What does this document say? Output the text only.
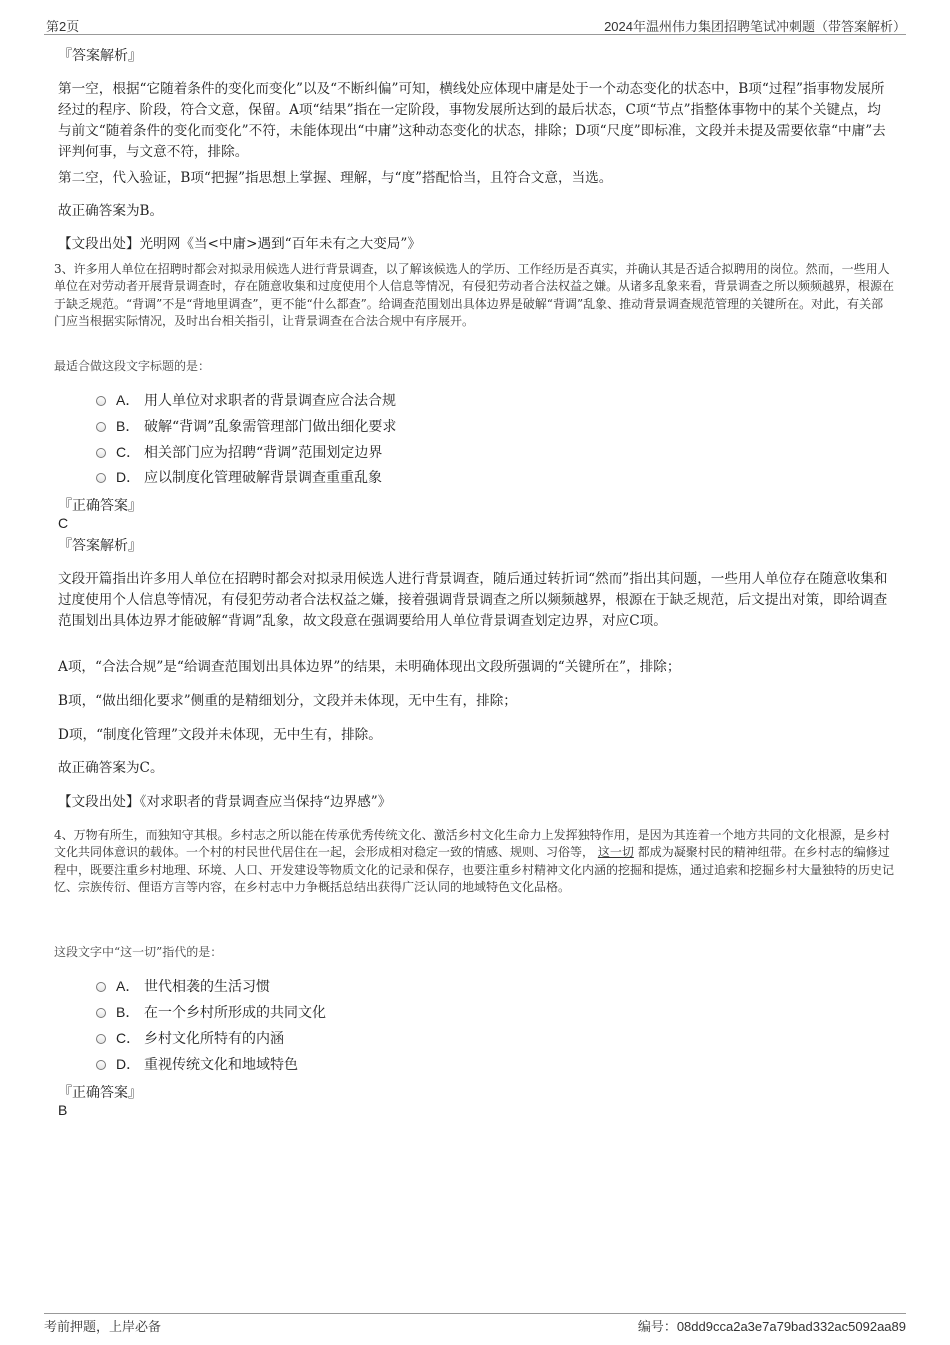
第2页	2024年温州伟力集团招聘笔试冲刺题（带答案解析）
『答案解析』

第一空，根据“它随着条件的变化而变化”以及“不断纠偏”可知，横线处应体现中庸是处于一个动态变化的状态中，B项“过程”指事物发展所经过的程序、阶段，符合文意，保留。A项“结果”指在一定阶段，事物发展所达到的最后状态，C项“节点”指整体事物中的某个关键点，均与前文“随着条件的变化而变化”不符，未能体现出“中庸”这种动态变化的状态，排除；D项“尺度”即标准，文段并未提及需要依靠“中庸”去评判何事，与文意不符，排除。

第二空，代入验证，B项“把握”指思想上掌握、理解，与“度”搭配恰当，且符合文意，当选。

故正确答案为B。

【文段出处】光明网《当<中庸>遇到“百年未有之大变局”》

3、许多用人单位在招聘时都会对拟录用候选人进行背景调查，以了解该候选人的学历、工作经历是否真实，并确认其是否适合拟聘用的岗位。然而，一些用人单位在对劳动者开展背景调查时，存在随意收集和过度使用个人信息等情况，有侵犯劳动者合法权益之嫌。从诸多乱象来看，背景调查之所以频频越界，根源在于缺乏规范。“背调”不是“背地里调查”，更不能“什么都查”。给调查范围划出具体边界是破解“背调”乱象、推动背景调查规范管理的关键所在。对此，有关部门应当根据实际情况，及时出台相关指引，让背景调查在合法合规中有序展开。

最适合做这段文字标题的是：
A． 用人单位对求职者的背景调查应合法合规
B． 破解“背调”乱象需管理部门做出细化要求
C． 相关部门应为招聘“背调”范围划定边界
D． 应以制度化管理破解背景调查重重乱象
『正确答案』
C
『答案解析』

文段开篇指出许多用人单位在招聘时都会对拟录用候选人进行背景调查，随后通过转折词“然而”指出其问题，一些用人单位存在随意收集和过度使用个人信息等情况，有侵犯劳动者合法权益之嫌，接着强调背景调查之所以频频越界，根源在于缺乏规范，后文提出对策，即给调查范围划出具体边界才能破解“背调”乱象，故文段意在强调要给用人单位背景调查划定边界，对应C项。

A项，“合法合规”是“给调查范围划出具体边界”的结果，未明确体现出文段所强调的“关键所在”，排除；

B项，“做出细化要求”侧重的是精细划分，文段并未体现，无中生有，排除；

D项，“制度化管理”文段并未体现，无中生有，排除。

故正确答案为C。

【文段出处】《对求职者的背景调查应当保持“边界感”》

4、万物有所生，而独知守其根。乡村志之所以能在传承优秀传统文化、激活乡村文化生命力上发挥独特作用，是因为其连着一个地方共同的文化根源，是乡村文化共同体意识的载体。一个村的村民世代居住在一起，会形成相对稳定一致的情感、规则、习俗等， 这一切 都成为凝聚村民的精神纽带。在乡村志的编修过程中，既要注重乡村地理、环境、人口、开发建设等物质文化的记录和保存，也要注重乡村精神文化内涵的挖掘和提炼，通过追索和挖掘乡村大量独特的历史记忆、宗族传衍、俚语方言等内容，在乡村志中力争概括总结出获得广泛认同的地域特色文化品格。

这段文字中“这一切”指代的是：
A． 世代相袭的生活习惯
B． 在一个乡村所形成的共同文化
C． 乡村文化所特有的内涵
D． 重视传统文化和地域特色
『正确答案』
B
考前押题，上岸必备	编号：08dd9cca2a3e7a79bad332ac5092aa89
